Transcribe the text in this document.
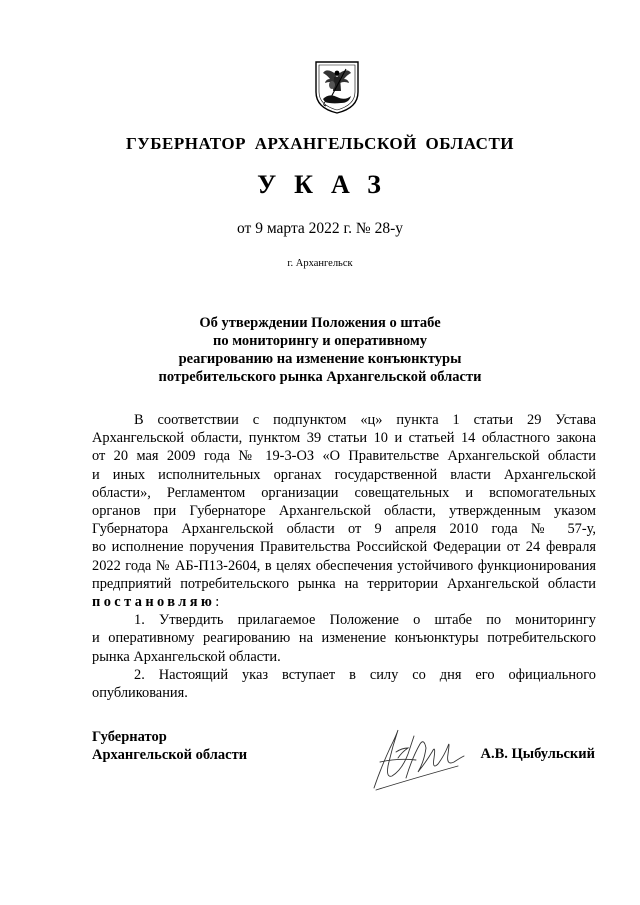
ГУБЕРНАТОР АРХАНГЕЛЬСКОЙ ОБЛАСТИ
УКАЗ
от 9 марта 2022 г. № 28-у
г. Архангельск
Об утверждении Положения о штабе
по мониторингу и оперативному
реагированию на изменение конъюнктуры
потребительского рынка Архангельской области
В соответствии с подпунктом «ц» пункта 1 статьи 29 Устава
Архангельской области, пунктом 39 статьи 10 и статьей 14 областного закона
от 20 мая 2009 года № 19-3-ОЗ «О Правительстве Архангельской области
и иных исполнительных органах государственной власти Архангельской
области», Регламентом организации совещательных и вспомогательных
органов при Губернаторе Архангельской области, утвержденным указом
Губернатора Архангельской области от 9 апреля 2010 года № 57-у,
во исполнение поручения Правительства Российской Федерации от 24 февраля
2022 года № АБ-П13-2604, в целях обеспечения устойчивого функционирования
предприятий потребительского рынка на территории Архангельской области
постановляю:
1. Утвердить прилагаемое Положение о штабе по мониторингу
и оперативному реагированию на изменение конъюнктуры потребительского
рынка Архангельской области.
2. Настоящий указ вступает в силу со дня его официального
опубликования.
Губернатор
Архангельской области	А.В. Цыбульский
